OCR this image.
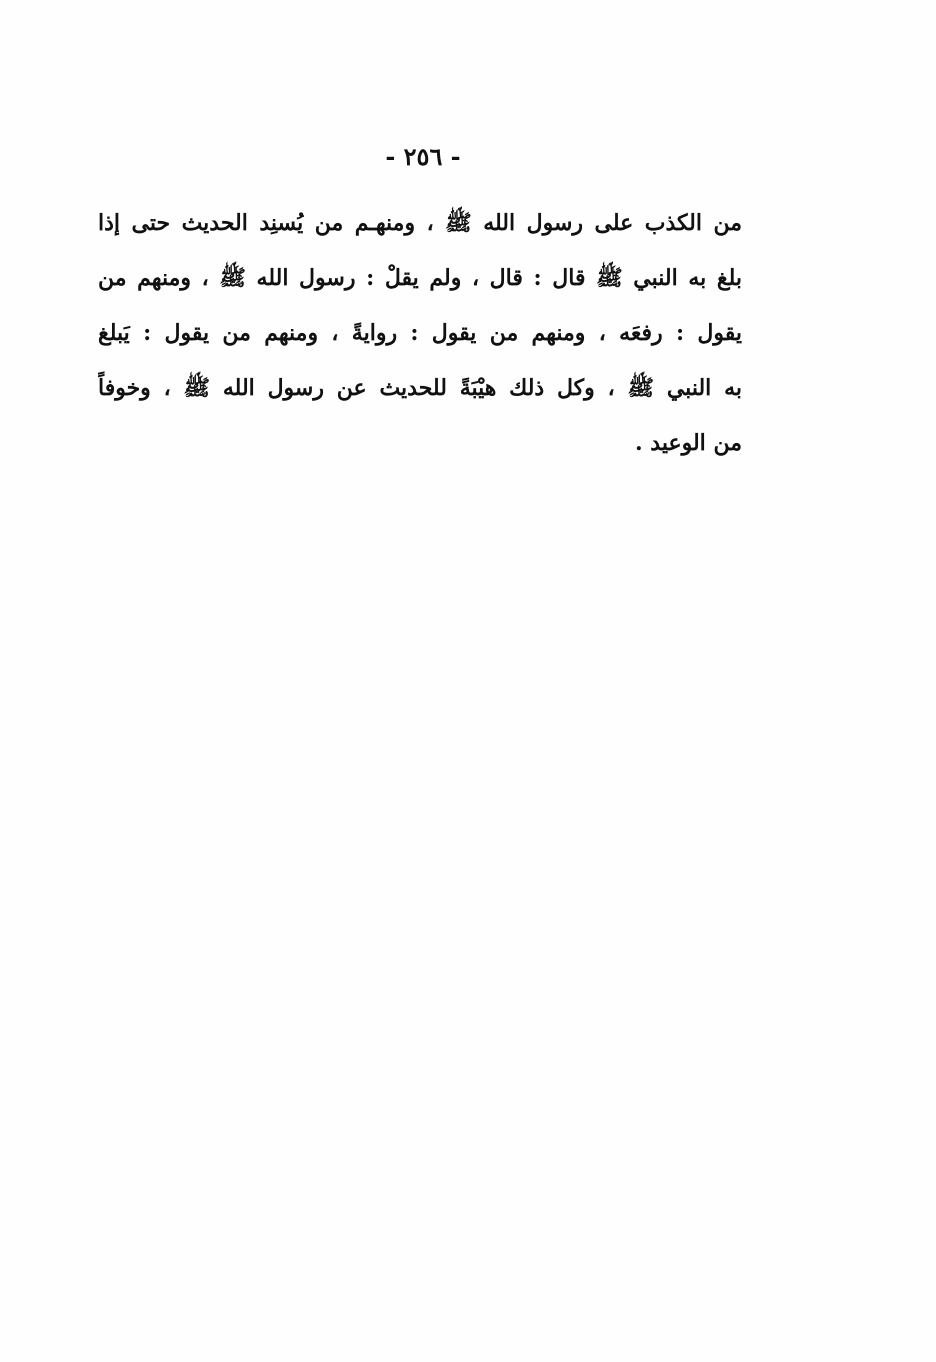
- ٢٥٦ -
من الكذب على رسول الله ﷺ ، ومنهـم من يُسنِد الحديث حتى إذا
بلغ به النبي ﷺ قال : قال ، ولم يقلْ : رسول الله ﷺ ، ومنهم من
يقول : رفعَه ، ومنهم من يقول : روايةً ، ومنهم من يقول : يَبلغ
به النبي ﷺ ، وكل ذلك هيْبَةً للحديث عن رسول الله ﷺ ، وخوفاً
من الوعيد .
